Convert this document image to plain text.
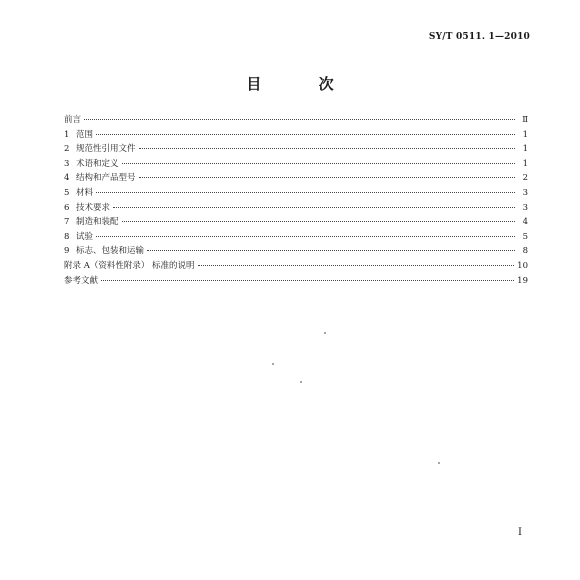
SY/T 0511. 1—2010
目 次
前言	Ⅱ
1 范围	1
2 规范性引用文件	1
3 术语和定义	1
4 结构和产品型号	2
5 材料	3
6 技术要求	3
7 制造和装配	4
8 试验	5
9 标志、包装和运输	8
附录 A（资料性附录） 标准的说明	10
参考文献	19
I
